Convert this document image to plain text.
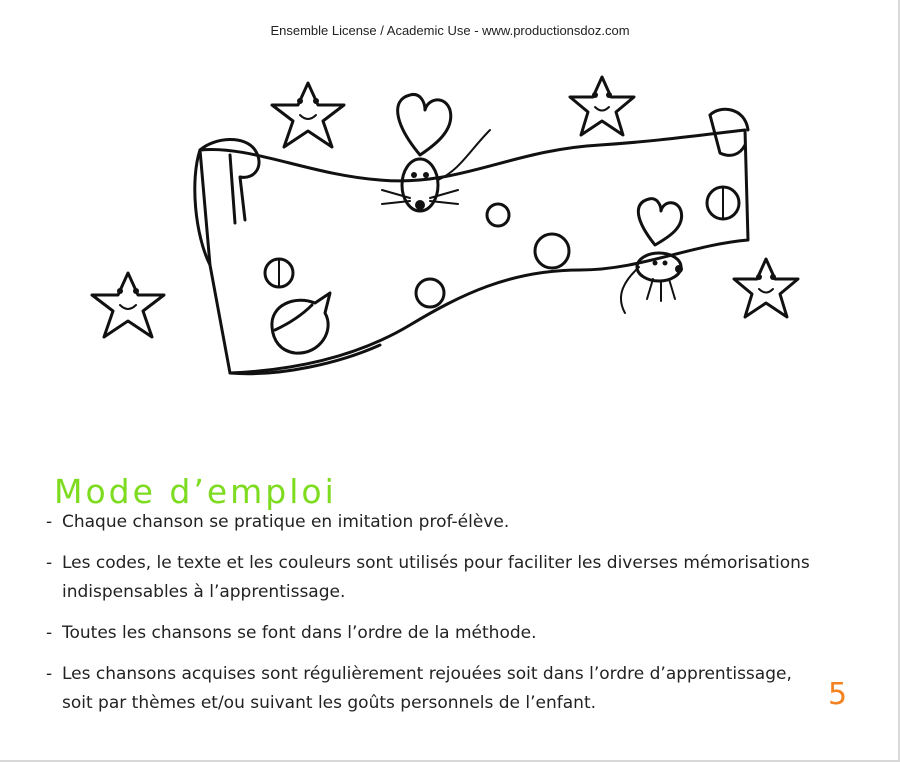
Ensemble License / Academic Use - www.productionsdoz.com
Mode d’emploi
- Chaque chanson se pratique en imitation prof-élève.
- Les codes, le texte et les couleurs sont utilisés pour faciliter les diverses mémorisations indispensables à l’apprentissage.
- Toutes les chansons se font dans l’ordre de la méthode.
- Les chansons acquises sont régulièrement rejouées soit dans l’ordre d’apprentissage, soit par thèmes et/ou suivant les goûts personnels de l’enfant.	5
